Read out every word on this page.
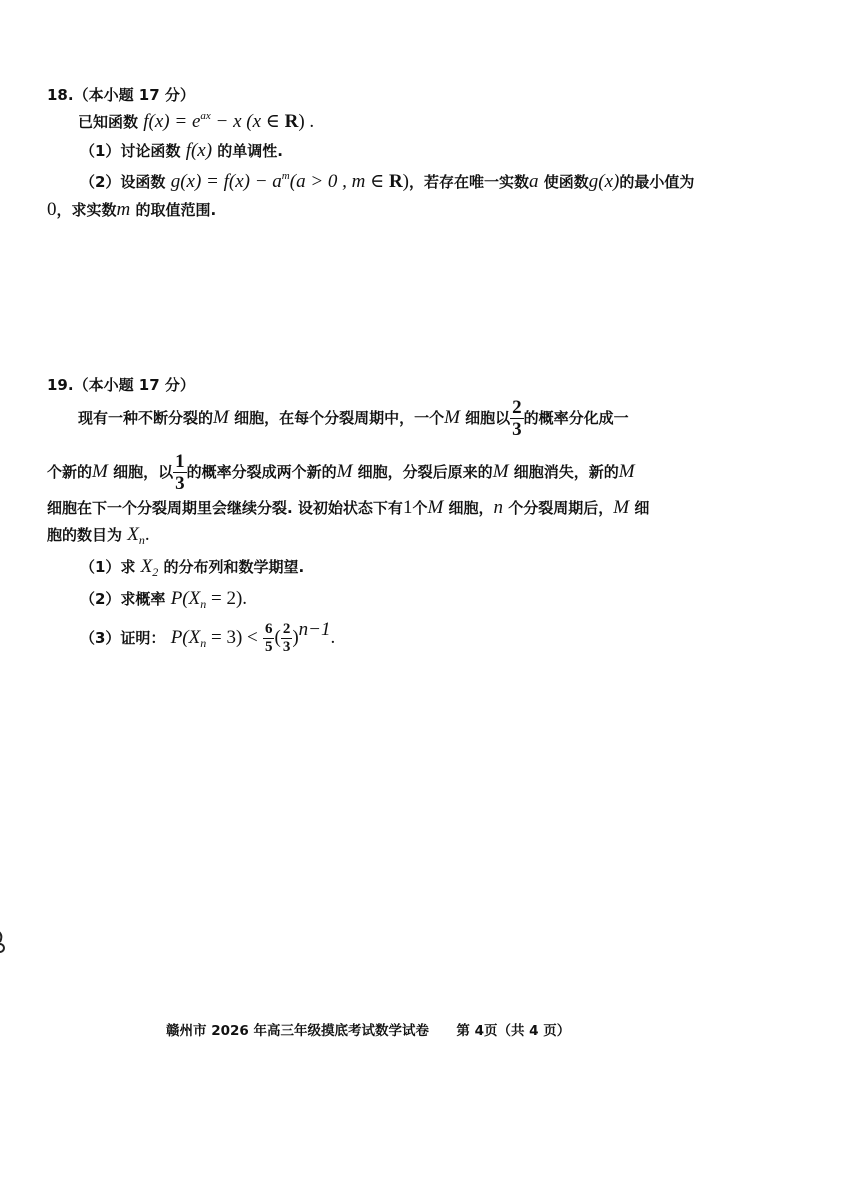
18.（本小题 17 分）
已知函数 $f(x) = e^{ax} - x$ (x ∈ R) .
（1）讨论函数 f(x) 的单调性.
（2）设函数 $g(x) = f(x) - a^m(a > 0$ , m ∈ R)，若存在唯一实数a 使函数g(x)的最小值为
0，求实数m 的取值范围.
19.（本小题 17 分）
现有一种不断分裂的M 细胞，在每个分裂周期中，一个M 细胞以 $\frac{2}{3}$ 的概率分化成一
个新的M 细胞，以 $\frac{1}{3}$ 的概率分裂成两个新的M 细胞，分裂后原来的M 细胞消失，新的M
细胞在下一个分裂周期里会继续分裂. 设初始状态下有1个M 细胞，n 个分裂周期后，M 细
胞的数目为 $X_n$.
（1）求 $X_2$ 的分布列和数学期望.
（2）求概率 $P(X_n = 2)$.
（3）证明： $P(X_n = 3) < \frac{6}{5}$ ( $\frac{2}{3} )^{n-1}$.
赣州市 2026 年高三年级摸底考试数学试卷 第 4页（共 4 页）
